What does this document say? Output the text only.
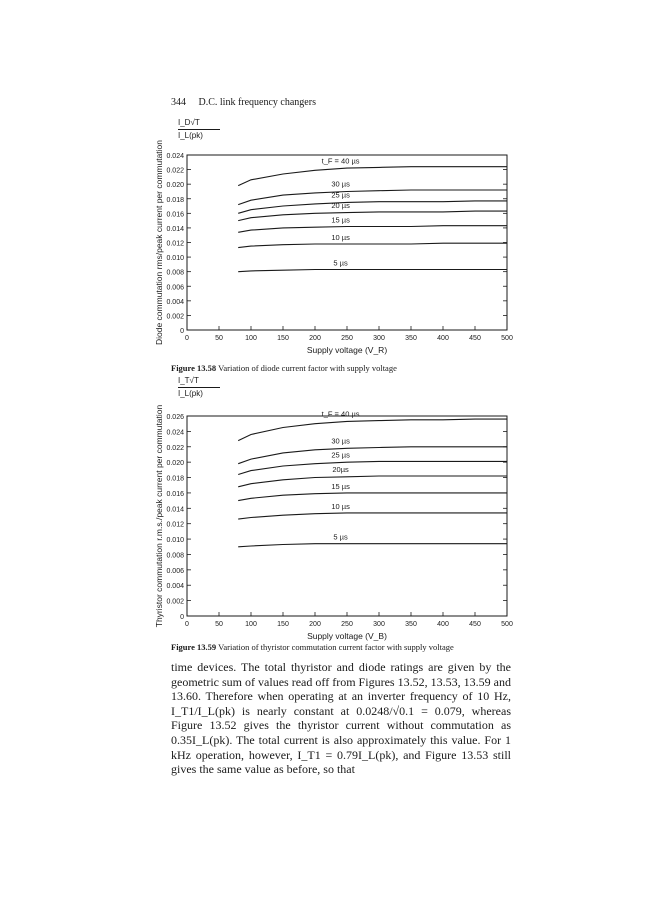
344 D.C. link frequency changers
I_D√T
I_L(pk)
0
0.002
0.004
0.006
0.008
0.010
0.012
0.014
0.016
0.018
0.020
0.022
0.024
0	50	100	150	200	250	300	350	400	450	500
Supply voltage (V_R)
Diode commutation rms/peak current per commutation	t_F = 40 µs
30 µs
25 µs
20 µs
15 µs
10 µs
5 µs
Figure 13.58 Variation of diode current factor with supply voltage
I_T√T
I_L(pk)
0
0.002
0.004
0.006
0.008
0.010
0.012
0.014
0.016
0.018
0.020
0.022
0.024
0.026
0	50	100	150	200	250	300	350	400	450	500
Supply voltage (V_B)
Thyristor commutation r.m.s./peak current per commutation	t_F = 40 µs
30 µs
25 µs
20µs
15 µs
10 µs
5 µs
Figure 13.59 Variation of thyristor commutation current factor with supply voltage

time devices. The total thyristor and diode ratings are given by the geometric sum of values read off from Figures 13.52, 13.53, 13.59 and 13.60. Therefore when operating at an inverter frequency of 10 Hz, I_T1/I_L(pk) is nearly constant at 0.0248/√0.1 = 0.079, whereas Figure 13.52 gives the thyristor current without commutation as 0.35I_L(pk). The total current is also approximately this value. For 1 kHz operation, however, I_T1 = 0.79I_L(pk), and Figure 13.53 still gives the same value as before, so that
